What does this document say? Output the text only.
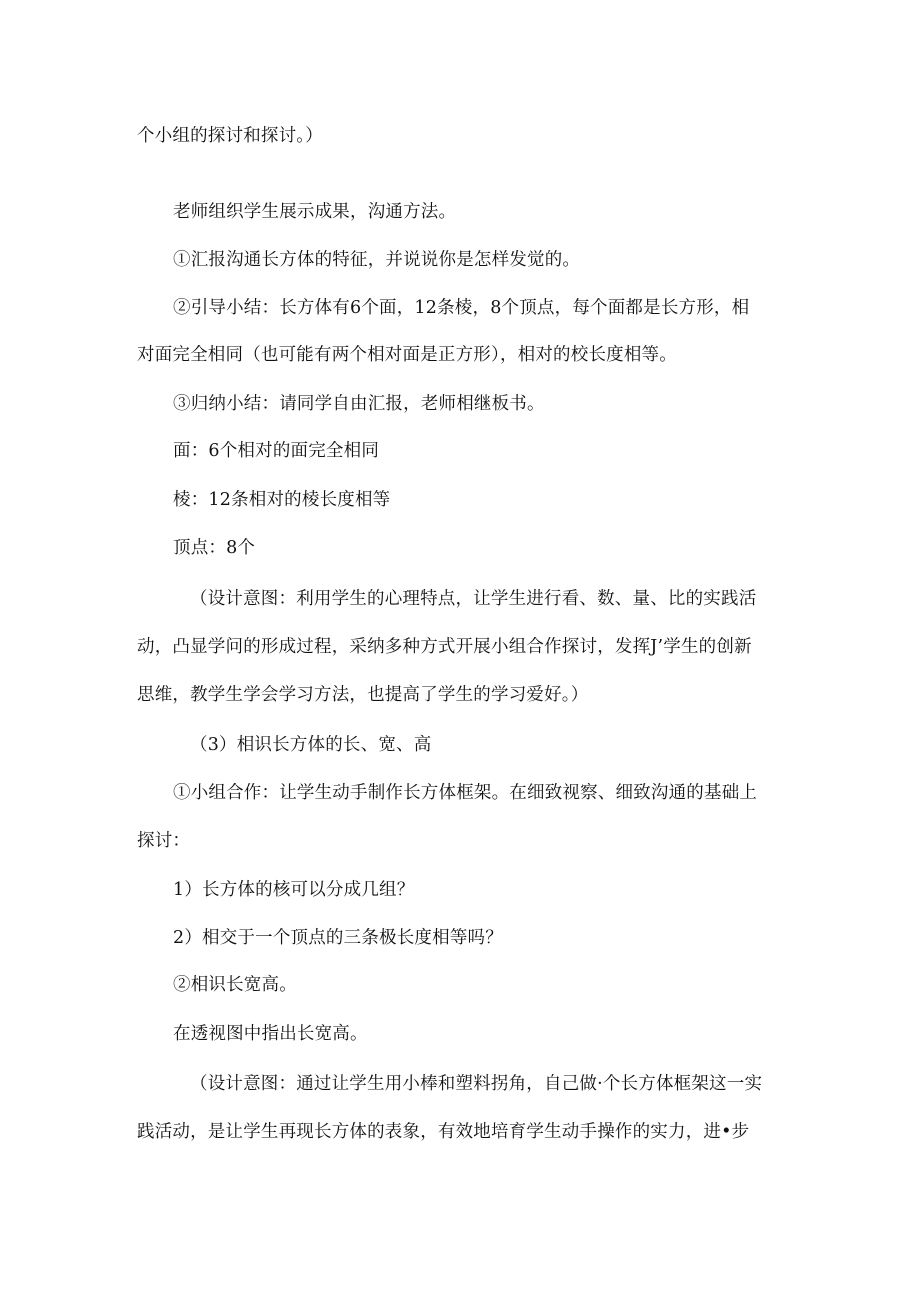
个小组的探讨和探讨。）
老师组织学生展示成果，沟通方法。
①汇报沟通长方体的特征，并说说你是怎样发觉的。
②引导小结：长方体有6个面，12条棱，8个顶点，每个面都是长方形，相
对面完全相同（也可能有两个相对面是正方形），相对的校长度相等。
③归纳小结：请同学自由汇报，老师相继板书。
面：6个相对的面完全相同
棱：12条相对的棱长度相等
顶点：8个
（设计意图：利用学生的心理特点，让学生进行看、数、量、比的实践活
动，凸显学问的形成过程，采纳多种方式开展小组合作探讨，发挥J’学生的创新
思维，教学生学会学习方法，也提高了学生的学习爱好。）
（3）相识长方体的长、宽、高
①小组合作：让学生动手制作长方体框架。在细致视察、细致沟通的基础上
探讨：
1）长方体的核可以分成几组？
2）相交于一个顶点的三条极长度相等吗？
②相识长宽高。
在透视图中指出长宽高。
（设计意图：通过让学生用小棒和塑料拐角，自己做·个长方体框架这一实
践活动，是让学生再现长方体的表象，有效地培育学生动手操作的实力，进•步
